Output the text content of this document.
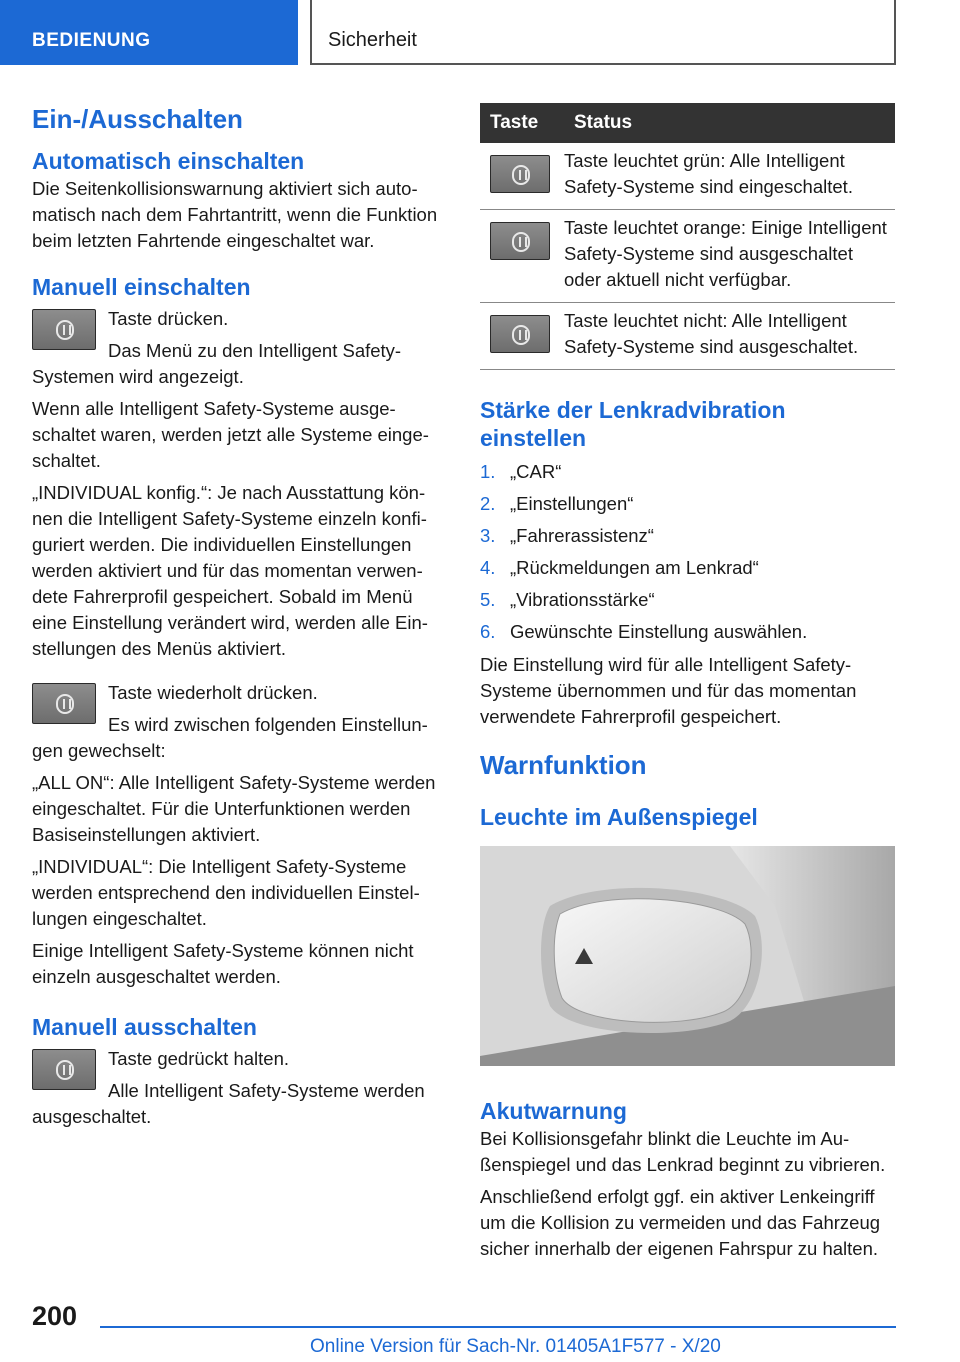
BEDIENUNG	Sicherheit
Ein-/Ausschalten
Automatisch einschalten

Die Seitenkollisionswarnung aktiviert sich automatisch nach dem Fahrtantritt, wenn die Funktion beim letzten Fahrtende eingeschaltet war.

Manuell einschalten

Taste drücken.

Das Menü zu den Intelligent Safety-Systemen wird angezeigt.

Wenn alle Intelligent Safety-Systeme ausgeschaltet waren, werden jetzt alle Systeme eingeschaltet.

„INDIVIDUAL konfig.“: Je nach Ausstattung können die Intelligent Safety-Systeme einzeln konfiguriert werden. Die individuellen Einstellungen werden aktiviert und für das momentan verwendete Fahrerprofil gespeichert. Sobald im Menü eine Einstellung verändert wird, werden alle Einstellungen des Menüs aktiviert.

Taste wiederholt drücken.

Es wird zwischen folgenden Einstellungen gewechselt:

„ALL ON“: Alle Intelligent Safety-Systeme werden eingeschaltet. Für die Unterfunktionen werden Basiseinstellungen aktiviert.

„INDIVIDUAL“: Die Intelligent Safety-Systeme werden entsprechend den individuellen Einstellungen eingeschaltet.

Einige Intelligent Safety-Systeme können nicht einzeln ausgeschaltet werden.

Manuell ausschalten

Taste gedrückt halten.

Alle Intelligent Safety-Systeme werden ausgeschaltet.

Taste	Status

	Taste leuchtet grün: Alle Intelligent Safety-Systeme sind eingeschaltet.

	Taste leuchtet orange: Einige Intelligent Safety-Systeme sind ausgeschaltet oder aktuell nicht verfügbar.

	Taste leuchtet nicht: Alle Intelligent Safety-Systeme sind ausgeschaltet.
Stärke der Lenkradvibration einstellen
1. „CAR“
2. „Einstellungen“
3. „Fahrerassistenz“
4. „Rückmeldungen am Lenkrad“
5. „Vibrationsstärke“
6. Gewünschte Einstellung auswählen.

Die Einstellung wird für alle Intelligent Safety-Systeme übernommen und für das momentan verwendete Fahrerprofil gespeichert.

Warnfunktion
Leuchte im Außenspiegel
Akutwarnung

Bei Kollisionsgefahr blinkt die Leuchte im Außenspiegel und das Lenkrad beginnt zu vibrieren.

Anschließend erfolgt ggf. ein aktiver Lenkeingriff um die Kollision zu vermeiden und das Fahrzeug sicher innerhalb der eigenen Fahrspur zu halten.

200
Online Version für Sach-Nr. 01405A1F577 - X/20
